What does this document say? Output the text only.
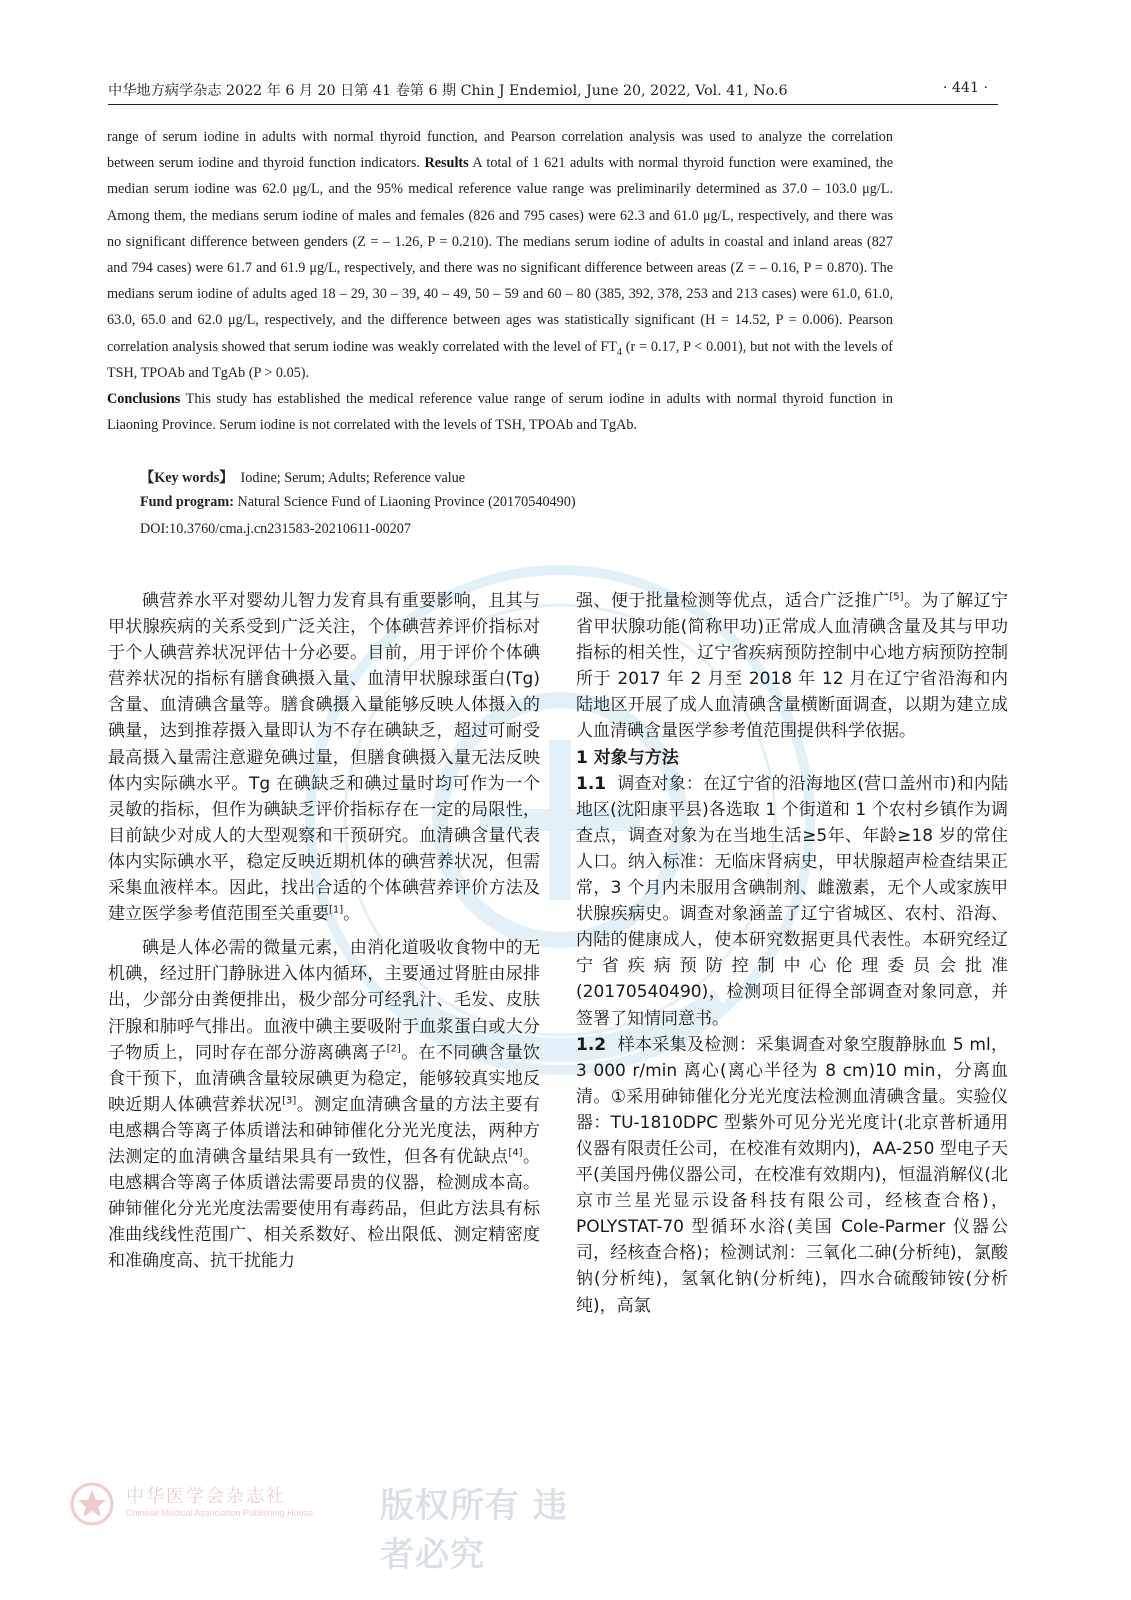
中华地方病学杂志 2022 年 6 月 20 日第 41 卷第 6 期 Chin J Endemiol, June 20, 2022, Vol. 41, No.6	· 441 ·
range of serum iodine in adults with normal thyroid function, and Pearson correlation analysis was used to analyze the correlation between serum iodine and thyroid function indicators. Results A total of 1 621 adults with normal thyroid function were examined, the median serum iodine was 62.0 μg/L, and the 95% medical reference value range was preliminarily determined as 37.0 – 103.0 μg/L. Among them, the medians serum iodine of males and females (826 and 795 cases) were 62.3 and 61.0 μg/L, respectively, and there was no significant difference between genders (Z = – 1.26, P = 0.210). The medians serum iodine of adults in coastal and inland areas (827 and 794 cases) were 61.7 and 61.9 μg/L, respectively, and there was no significant difference between areas (Z = – 0.16, P = 0.870). The medians serum iodine of adults aged 18 – 29, 30 – 39, 40 – 49, 50 – 59 and 60 – 80 (385, 392, 378, 253 and 213 cases) were 61.0, 61.0, 63.0, 65.0 and 62.0 μg/L, respectively, and the difference between ages was statistically significant (H = 14.52, P = 0.006). Pearson correlation analysis showed that serum iodine was weakly correlated with the level of $FT_4$ (r = 0.17, P < 0.001), but not with the levels of TSH, TPOAb and TgAb (P > 0.05).
Conclusions This study has established the medical reference value range of serum iodine in adults with normal thyroid function in Liaoning Province. Serum iodine is not correlated with the levels of TSH, TPOAb and TgAb.
【Key words】 Iodine; Serum; Adults; Reference value
Fund program: Natural Science Fund of Liaoning Province (20170540490)
DOI:10.3760/cma.j.cn231583-20210611-00207

碘营养水平对婴幼儿智力发育具有重要影响，且其与甲状腺疾病的关系受到广泛关注，个体碘营养评价指标对于个人碘营养状况评估十分必要。目前，用于评价个体碘营养状况的指标有膳食碘摄入量、血清甲状腺球蛋白(Tg)含量、血清碘含量等。膳食碘摄入量能够反映人体摄入的碘量，达到推荐摄入量即认为不存在碘缺乏，超过可耐受最高摄入量需注意避免碘过量，但膳食碘摄入量无法反映体内实际碘水平。Tg 在碘缺乏和碘过量时均可作为一个灵敏的指标，但作为碘缺乏评价指标存在一定的局限性，目前缺少对成人的大型观察和干预研究。血清碘含量代表体内实际碘水平，稳定反映近期机体的碘营养状况，但需采集血液样本。因此，找出合适的个体碘营养评价方法及建立医学参考值范围至关重要[1]。

碘是人体必需的微量元素，由消化道吸收食物中的无机碘，经过肝门静脉进入体内循环，主要通过肾脏由尿排出，少部分由粪便排出，极少部分可经乳汁、毛发、皮肤汗腺和肺呼气排出。血液中碘主要吸附于血浆蛋白或大分子物质上，同时存在部分游离碘离子[2]。在不同碘含量饮食干预下，血清碘含量较尿碘更为稳定，能够较真实地反映近期人体碘营养状况[3]。测定血清碘含量的方法主要有电感耦合等离子体质谱法和砷铈催化分光光度法，两种方法测定的血清碘含量结果具有一致性，但各有优缺点[4]。电感耦合等离子体质谱法需要昂贵的仪器，检测成本高。砷铈催化分光光度法需要使用有毒药品，但此方法具有标准曲线线性范围广、相关系数好、检出限低、测定精密度和准确度高、抗干扰能力

强、便于批量检测等优点，适合广泛推广[5]。为了解辽宁省甲状腺功能(简称甲功)正常成人血清碘含量及其与甲功指标的相关性，辽宁省疾病预防控制中心地方病预防控制所于 2017 年 2 月至 2018 年 12 月在辽宁省沿海和内陆地区开展了成人血清碘含量横断面调查，以期为建立成人血清碘含量医学参考值范围提供科学依据。

1 对象与方法

1.1 调查对象：在辽宁省的沿海地区(营口盖州市)和内陆地区(沈阳康平县)各选取 1 个街道和 1 个农村乡镇作为调查点，调查对象为在当地生活≥5年、年龄≥18 岁的常住人口。纳入标准：无临床肾病史，甲状腺超声检查结果正常，3 个月内未服用含碘制剂、雌激素，无个人或家族甲状腺疾病史。调查对象涵盖了辽宁省城区、农村、沿海、内陆的健康成人，使本研究数据更具代表性。本研究经辽宁省疾病预防控制中心伦理委员会批准(20170540490)，检测项目征得全部调查对象同意，并签署了知情同意书。

1.2 样本采集及检测：采集调查对象空腹静脉血 5 ml，3 000 r/min 离心(离心半径为 8 cm)10 min，分离血清。①采用砷铈催化分光光度法检测血清碘含量。实验仪器：TU-1810DPC 型紫外可见分光光度计(北京普析通用仪器有限责任公司，在校准有效期内)，AA-250 型电子天平(美国丹佛仪器公司，在校准有效期内)，恒温消解仪(北京市兰星光显示设备科技有限公司，经核查合格)，POLYSTAT-70 型循环水浴(美国 Cole-Parmer 仪器公司，经核查合格)；检测试剂：三氧化二砷(分析纯)，氯酸钠(分析纯)，氢氧化钠(分析纯)，四水合硫酸铈铵(分析纯)，高氯

中华医学会杂志社
Chinese Medical Association Publishing House 版权所有 违者必究
